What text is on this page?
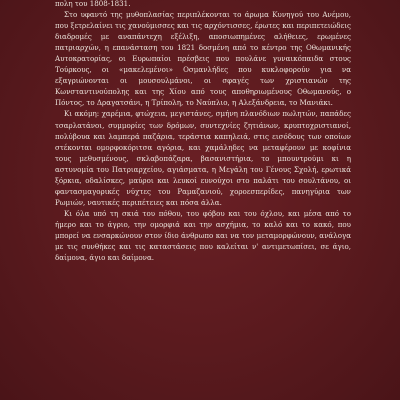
πολη του 1808-1831.

Στο υφαντό της μυθοπλασίας περιπλέκονται το άρωμα Κυνηγού του Ανέμου, που ξετρελαίνει τις χανούμισσες και τις αρχόντισσες, έρωτες και περιπετειώδεις διαδρομές με αναπάντεχη εξέλιξη, αποσιωπημένες αλήθειες, ερωμένες πατριαρχών, η επανάσταση του 1821 δοσμένη από το κέντρο της Οθωμανικής Αυτοκρατορίας, οι Ευρωπαίοι πρέσβεις που πουλάνε γυναικόπαιδα στους Τούρκους, οι «μακελεμένοι» Οσμανλήδες που κυκλοφορούν για να εξαγριώνονται οι μουσουλμάνοι, οι σφαγές των χριστιανών της Κωνσταντινούπολης και της Χίου από τους αποθηριωμένους Οθωμανούς, ο Πόντος, το Δραγατσάνι, η Τρίπολη, το Ναύπλιο, η Αλεξάνδρεια, το Μανιάκι.

Κι ακόμη: χαρέμια, φτώχεια, μεγιστάνες, σμήνη πλανόδιων πωλητών, παπάδες τσαρλατάνοι, συμμορίες των δρόμων, συντεχνίες ζητιάνων, κρυπτοχριστιανοί, πολύβουα και λαμπερά παζάρια, τεράστια καπηλειά, στις εισόδους των οποίων στέκονται ομορφοκόριτσα αγόρια, και χαμάληδες να μεταφέρουν με κοφίνια τους μεθυσμένους, σκλαβοπάζαρα, βασανιστήρια, το μπουντρούμι κι η αστυνομία του Πατριαρχείου, αγιάσματα, η Μεγάλη του Γένους Σχολή, ερωτικά ξόρκια, οδαλίσκες, μαύροι και λευκοί ευνούχοι στο παλάτι του σουλτάνου, οι φαντασμαγορικές νύχτες του Ραμαζανιού, χοροεσπερίδες, πανηγύρια των Ρωμιών, ναυτικές περιπέτειες και πόσα άλλα.

Κι όλα υπό τη σκιά του πόθου, του φόβου και του όχλου, και μέσα από το ήμερο και το άγριο, την ομορφιά και την ασχήμια, το καλό και το κακό, που μπορεί να ενσαρκώνουν στον ίδιο άνθρωπο και να τον μεταμορφώνουν, ανάλογα με τις συνθήκες και τις καταστάσεις που καλείται ν' αντιμετωπίσει, σε άγιο, δαίμονα, άγιο και δαίμονα.
